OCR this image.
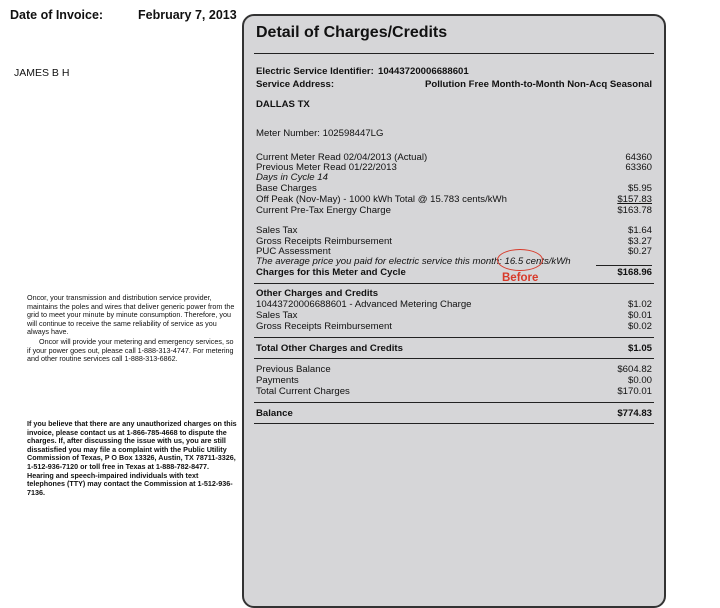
Date of Invoice:	February 7, 2013
JAMES B H
Oncor, your transmission and distribution service provider, maintains the poles and wires that deliver generic power from the grid to meet your minute by minute consumption. Therefore, you will continue to receive the same reliability of service as you always have.
Oncor will provide your metering and emergency services, so if your power goes out, please call 1-888-313-4747. For metering and other routine services call 1-888-313-6862.
If you believe that there are any unauthorized charges on this invoice, please contact us at 1-866-785-4668 to dispute the charges. If, after discussing the issue with us, you are still dissatisfied you may file a complaint with the Public Utility Commission of Texas, P O Box 13326, Austin, TX 78711-3326, 1-512-936-7120 or toll free in Texas at 1-888-782-8477. Hearing and speech-impaired individuals with text telephones (TTY) may contact the Commission at 1-512-936-7136.
Detail of Charges/Credits
Electric Service Identifier: 10443720006688601
Service Address:	Pollution Free Month-to-Month Non-Acq Seasonal
DALLAS TX
Meter Number: 102598447LG
Current Meter Read 02/04/2013 (Actual)	64360
Previous Meter Read 01/22/2013	63360
Days in Cycle 14
Base Charges	$5.95
Off Peak (Nov-May) - 1000 kWh Total @ 15.783 cents/kWh	$157.83
Current Pre-Tax Energy Charge	$163.78
Sales Tax	$1.64
Gross Receipts Reimbursement	$3.27
PUC Assessment	$0.27
The average price you paid for electric service this month: 16.5 cents/kWh
Charges for this Meter and Cycle	$168.96
Other Charges and Credits
10443720006688601 - Advanced Metering Charge	$1.02
Sales Tax	$0.01
Gross Receipts Reimbursement	$0.02
Total Other Charges and Credits	$1.05
Previous Balance	$604.82
Payments	$0.00
Total Current Charges	$170.01
Balance	$774.83
Before
